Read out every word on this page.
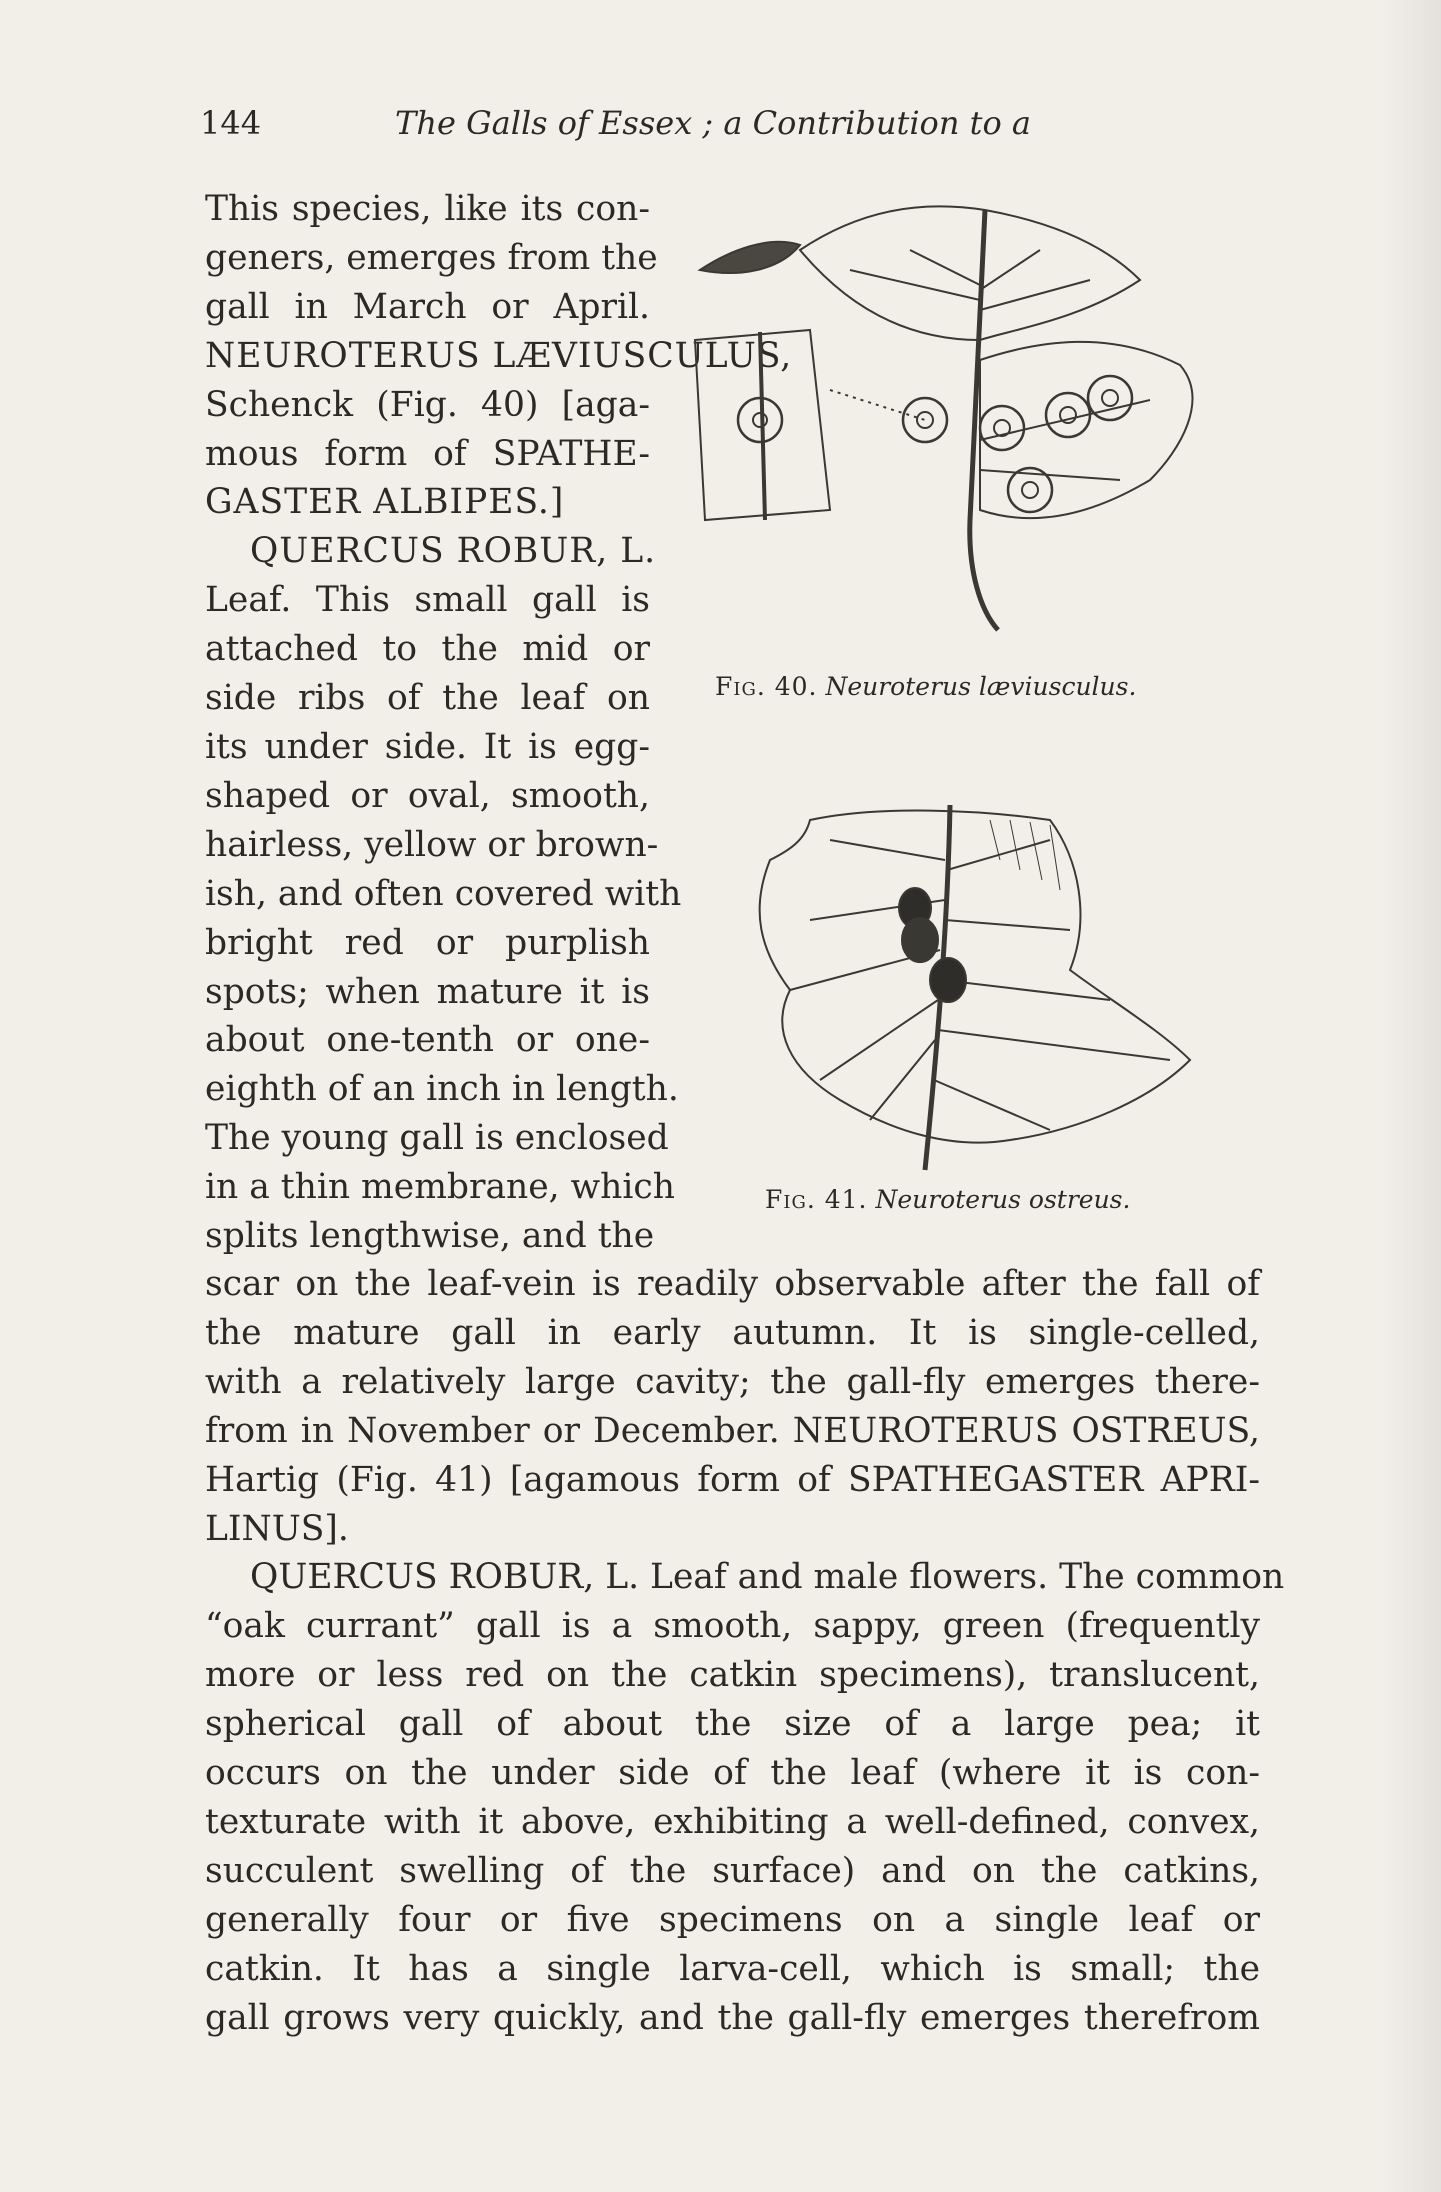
144	The Galls of Essex ; a Contribution to a
This species, like its con-
geners, emerges from the
gall in March or April.
NEUROTERUS LÆVIUSCULUS,
Schenck (Fig. 40) [aga-
mous form of SPATHE-
GASTER ALBIPES.]
QUERCUS ROBUR, L.
Leaf. This small gall is
attached to the mid or
side ribs of the leaf on
its under side. It is egg-
shaped or oval, smooth,
hairless, yellow or brown-
ish, and often covered with
bright red or purplish
spots; when mature it is
about one-tenth or one-
eighth of an inch in length.
The young gall is enclosed
in a thin membrane, which
splits lengthwise, and the
Fig. 40. Neuroterus læviusculus.
Fig. 41. Neuroterus ostreus.
scar on the leaf-vein is readily observable after the fall of
the mature gall in early autumn. It is single-celled,
with a relatively large cavity; the gall-fly emerges there-
from in November or December. NEUROTERUS OSTREUS,
Hartig (Fig. 41) [agamous form of SPATHEGASTER APRI-
LINUS].
QUERCUS ROBUR, L. Leaf and male flowers. The common
“oak currant” gall is a smooth, sappy, green (frequently
more or less red on the catkin specimens), translucent,
spherical gall of about the size of a large pea; it
occurs on the under side of the leaf (where it is con-
texturate with it above, exhibiting a well-defined, convex,
succulent swelling of the surface) and on the catkins,
generally four or five specimens on a single leaf or
catkin. It has a single larva-cell, which is small; the
gall grows very quickly, and the gall-fly emerges therefrom
